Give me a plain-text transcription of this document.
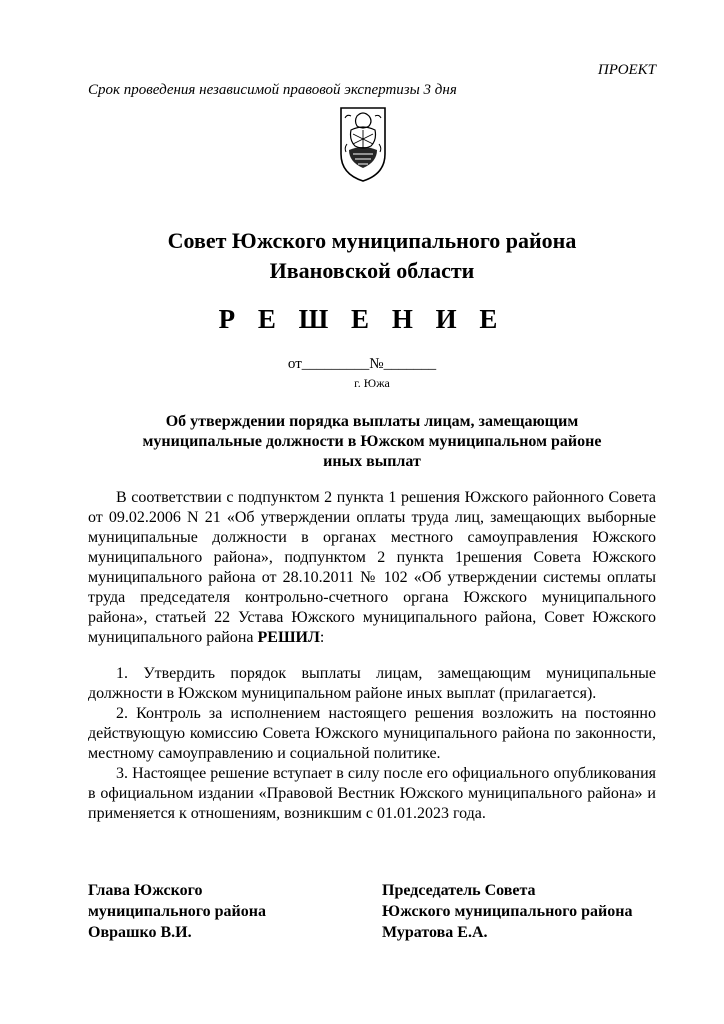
ПРОЕКТ
Срок проведения независимой правовой экспертизы 3 дня
Совет Южского муниципального района
Ивановской области
Р Е Ш Е Н И Е
от_________№_______
г. Южа
Об утверждении порядка выплаты лицам, замещающим
муниципальные должности в Южском муниципальном районе
иных выплат
В соответствии с подпунктом 2 пункта 1 решения Южского районного Совета от 09.02.2006 N 21 «Об утверждении оплаты труда лиц, замещающих выборные муниципальные должности в органах местного самоуправления Южского муниципального района», подпунктом 2 пункта 1решения Совета Южского муниципального района от 28.10.2011 № 102 «Об утверждении системы оплаты труда председателя контрольно-счетного органа Южского муниципального района», статьей 22 Устава Южского муниципального района, Совет Южского муниципального района РЕШИЛ:
1. Утвердить порядок выплаты лицам, замещающим муниципальные должности в Южском муниципальном районе иных выплат (прилагается).
2. Контроль за исполнением настоящего решения возложить на постоянно действующую комиссию Совета Южского муниципального района по законности, местному самоуправлению и социальной политике.
3. Настоящее решение вступает в силу после его официального опубликования в официальном издании «Правовой Вестник Южского муниципального района» и применяется к отношениям, возникшим с 01.01.2023 года.
Глава Южского
муниципального района
Оврашко В.И.
Председатель Совета
Южского муниципального района
Муратова Е.А.
